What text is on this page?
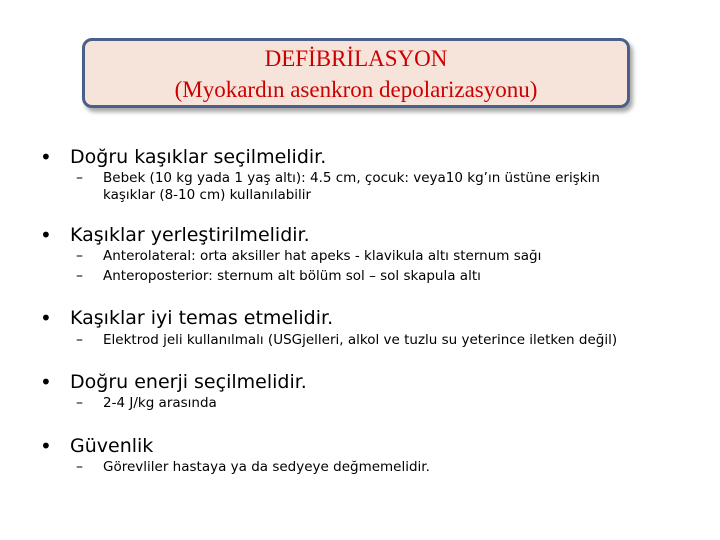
DEFİBRİLASYON
(Myokardın asenkron depolarizasyonu)
• Doğru kaşıklar seçilmelidir.
– Bebek (10 kg yada 1 yaş altı): 4.5 cm, çocuk: veya10 kg’ın üstüne erişkin
kaşıklar (8-10 cm) kullanılabilir
• Kaşıklar yerleştirilmelidir.
– Anterolateral: orta aksiller hat apeks - klavikula altı sternum sağı
– Anteroposterior: sternum alt bölüm sol – sol skapula altı
• Kaşıklar iyi temas etmelidir.
– Elektrod jeli kullanılmalı (USGjelleri, alkol ve tuzlu su yeterince iletken değil)
• Doğru enerji seçilmelidir.
– 2-4 J/kg arasında
• Güvenlik
– Görevliler hastaya ya da sedyeye değmemelidir.
